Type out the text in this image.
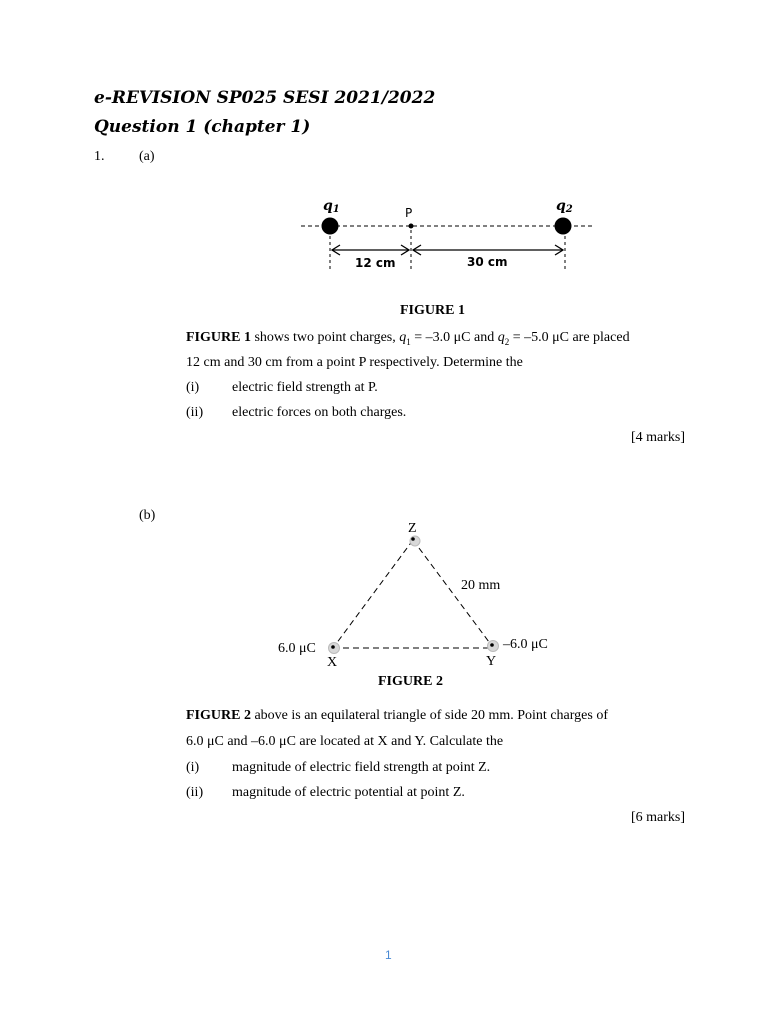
e-REVISION SP025 SESI 2021/2022
Question 1 (chapter 1)
1. (a)
q1	q2
P
12 cm	30 cm
FIGURE 1
FIGURE 1 shows two point charges, $q_1 = -3.0$ μC and $q_2 = -5.0$ μC are placed
12 cm and 30 cm from a point P respectively. Determine the
(i) electric field strength at P.
(ii) electric forces on both charges.
[4 marks]
(b)
Z
20 mm
6.0 μC	–6.0 μC
X	Y
FIGURE 2
FIGURE 2 above is an equilateral triangle of side 20 mm. Point charges of
6.0 μC and –6.0 μC are located at X and Y. Calculate the
(i) magnitude of electric field strength at point Z.
(ii) magnitude of electric potential at point Z.
[6 marks]
1
